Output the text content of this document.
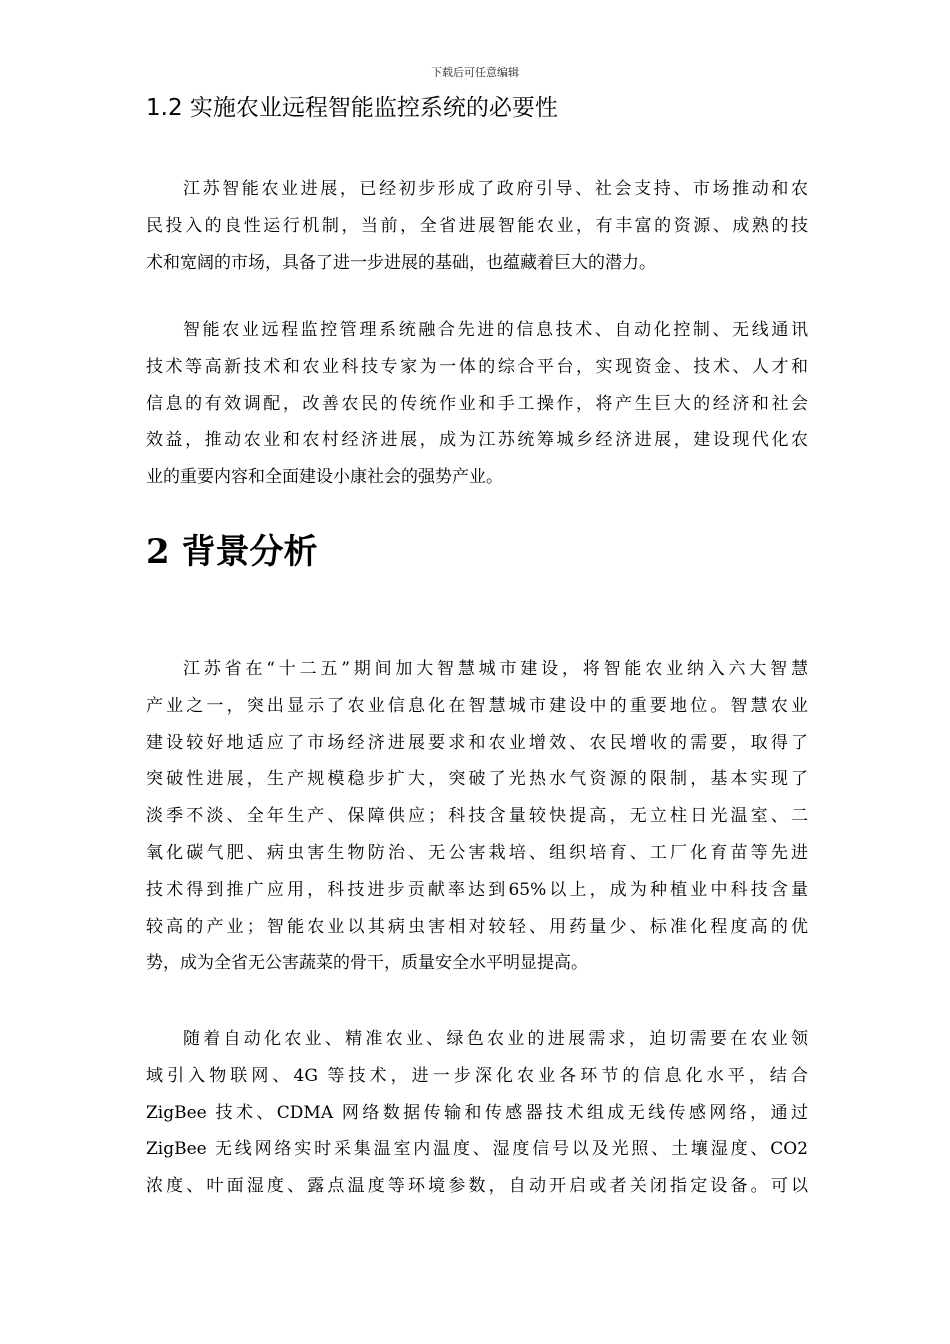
下载后可任意编辑
1.2 实施农业远程智能监控系统的必要性
江苏智能农业进展，已经初步形成了政府引导、社会支持、市场推动和农
民投入的良性运行机制，当前，全省进展智能农业，有丰富的资源、成熟的技
术和宽阔的市场，具备了进一步进展的基础，也蕴藏着巨大的潜力。
智能农业远程监控管理系统融合先进的信息技术、自动化控制、无线通讯
技术等高新技术和农业科技专家为一体的综合平台，实现资金、技术、人才和
信息的有效调配，改善农民的传统作业和手工操作，将产生巨大的经济和社会
效益，推动农业和农村经济进展，成为江苏统筹城乡经济进展，建设现代化农
业的重要内容和全面建设小康社会的强势产业。
2 背景分析
江苏省在“十二五”期间加大智慧城市建设，将智能农业纳入六大智慧
产业之一，突出显示了农业信息化在智慧城市建设中的重要地位。智慧农业
建设较好地适应了市场经济进展要求和农业增效、农民增收的需要，取得了
突破性进展，生产规模稳步扩大，突破了光热水气资源的限制，基本实现了
淡季不淡、全年生产、保障供应；科技含量较快提高，无立柱日光温室、二
氧化碳气肥、病虫害生物防治、无公害栽培、组织培育、工厂化育苗等先进
技术得到推广应用，科技进步贡献率达到65%以上，成为种植业中科技含量
较高的产业；智能农业以其病虫害相对较轻、用药量少、标准化程度高的优
势，成为全省无公害蔬菜的骨干，质量安全水平明显提高。
随着自动化农业、精准农业、绿色农业的进展需求，迫切需要在农业领
域引入物联网、4G 等技术，进一步深化农业各环节的信息化水平，结合
ZigBee 技术、CDMA 网络数据传输和传感器技术组成无线传感网络，通过
ZigBee 无线网络实时采集温室内温度、湿度信号以及光照、土壤湿度、CO2
浓度、叶面湿度、露点温度等环境参数，自动开启或者关闭指定设备。可以
